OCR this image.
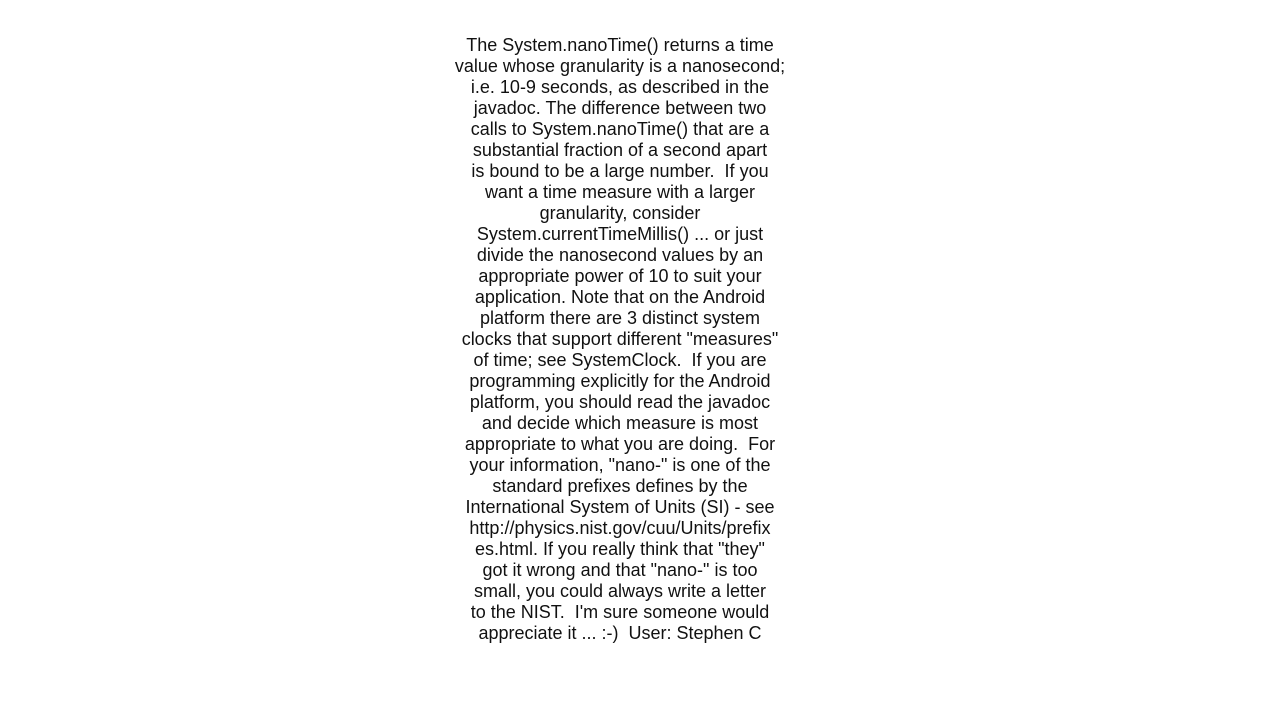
The System.nanoTime() returns a time
value whose granularity is a nanosecond;
i.e. 10-9 seconds, as described in the
javadoc. The difference between two
calls to System.nanoTime() that are a
substantial fraction of a second apart
is bound to be a large number.  If you
want a time measure with a larger
granularity, consider
System.currentTimeMillis() ... or just
divide the nanosecond values by an
appropriate power of 10 to suit your
application. Note that on the Android
platform there are 3 distinct system
clocks that support different "measures"
of time; see SystemClock.  If you are
programming explicitly for the Android
platform, you should read the javadoc
and decide which measure is most
appropriate to what you are doing.  For
your information, "nano-" is one of the
standard prefixes defines by the
International System of Units (SI) - see
http://physics.nist.gov/cuu/Units/prefix
es.html. If you really think that "they"
got it wrong and that "nano-" is too
small, you could always write a letter
to the NIST.  I'm sure someone would
appreciate it ... :-)  User: Stephen C
